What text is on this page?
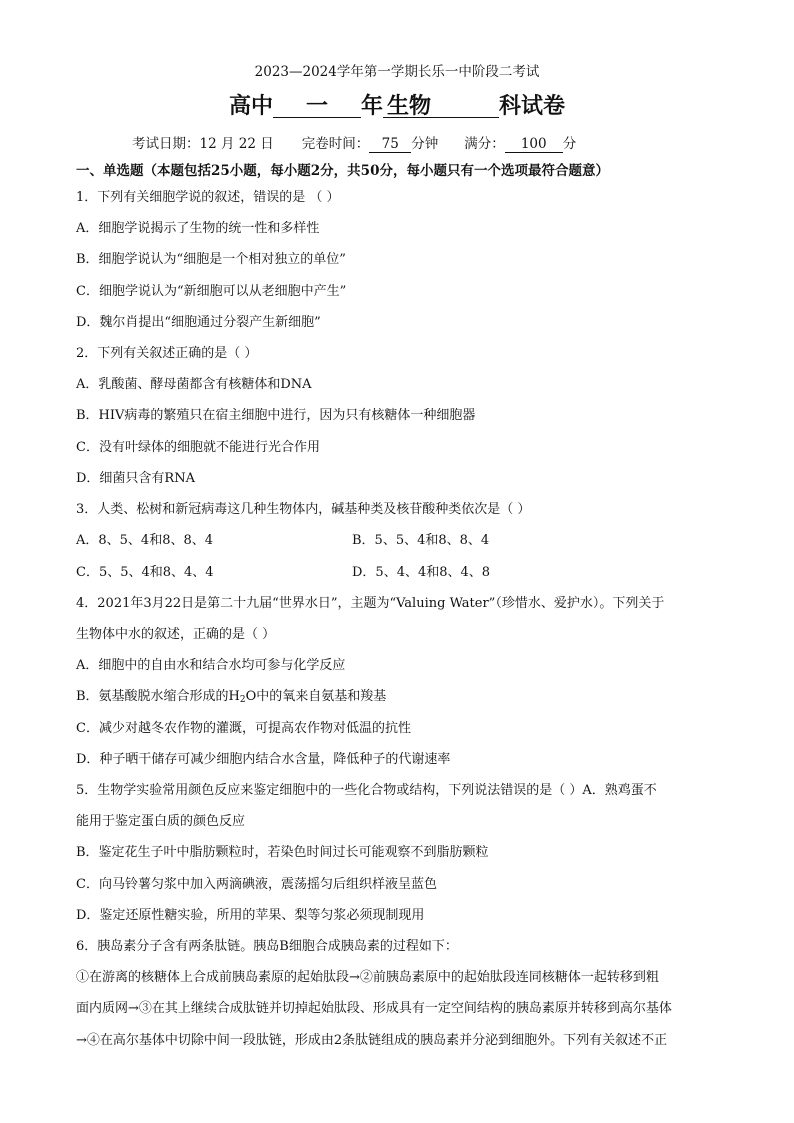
2023—2024学年第一学期长乐一中阶段二考试
高中 一 年 生物	科试卷
考试日期：12 月 22 日 完卷时间： 75 分钟 满分： 100 分
一、单选题（本题包括25小题，每小题2分，共50分，每小题只有一个选项最符合题意）
1．下列有关细胞学说的叙述，错误的是 （ ）
A．细胞学说揭示了生物的统一性和多样性
B．细胞学说认为“细胞是一个相对独立的单位”
C．细胞学说认为“新细胞可以从老细胞中产生”
D．魏尔肖提出“细胞通过分裂产生新细胞”
2．下列有关叙述正确的是（ ）
A．乳酸菌、酵母菌都含有核糖体和DNA
B．HIV病毒的繁殖只在宿主细胞中进行，因为只有核糖体一种细胞器
C．没有叶绿体的细胞就不能进行光合作用
D．细菌只含有RNA
3．人类、松树和新冠病毒这几种生物体内，碱基种类及核苷酸种类依次是（ ）
A．8、5、4和8、8、4	B．5、5、4和8、8、4
C．5、5、4和8、4、4	D．5、4、4和8、4、8
4．2021年3月22日是第二十九届“世界水日”，主题为“Valuing Water”（珍惜水、爱护水）。下列关于
生物体中水的叙述，正确的是（ ）
A．细胞中的自由水和结合水均可参与化学反应
B．氨基酸脱水缩合形成的$H_2O$中的氧来自氨基和羧基
C．减少对越冬农作物的灌溉，可提高农作物对低温的抗性
D．种子晒干储存可减少细胞内结合水含量，降低种子的代谢速率
5．生物学实验常用颜色反应来鉴定细胞中的一些化合物或结构，下列说法错误的是（ ）A．熟鸡蛋不
能用于鉴定蛋白质的颜色反应
B．鉴定花生子叶中脂肪颗粒时，若染色时间过长可能观察不到脂肪颗粒
C．向马铃薯匀浆中加入两滴碘液，震荡摇匀后组织样液呈蓝色
D．鉴定还原性糖实验，所用的苹果、梨等匀浆必须现制现用
6．胰岛素分子含有两条肽链。胰岛B细胞合成胰岛素的过程如下：
①在游离的核糖体上合成前胰岛素原的起始肽段→②前胰岛素原中的起始肽段连同核糖体一起转移到粗
面内质网→③在其上继续合成肽链并切掉起始肽段、形成具有一定空间结构的胰岛素原并转移到高尔基体
→④在高尔基体中切除中间一段肽链，形成由2条肽链组成的胰岛素并分泌到细胞外。下列有关叙述不正
